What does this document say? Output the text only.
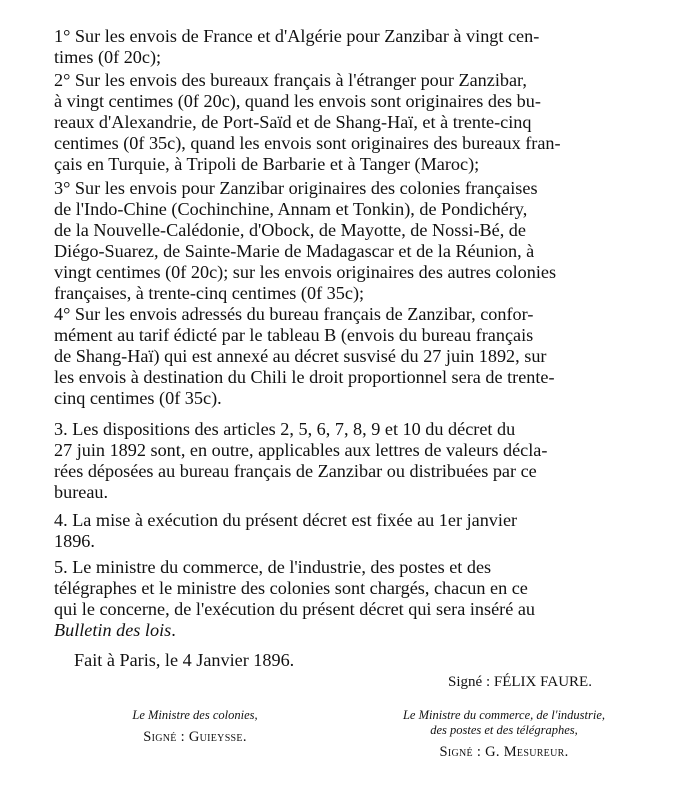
1° Sur les envois de France et d'Algérie pour Zanzibar à vingt cen-
times (0f 20c);
2° Sur les envois des bureaux français à l'étranger pour Zanzibar,
à vingt centimes (0f 20c), quand les envois sont originaires des bu-
reaux d'Alexandrie, de Port-Saïd et de Shang-Haï, et à trente-cinq
centimes (0f 35c), quand les envois sont originaires des bureaux fran-
çais en Turquie, à Tripoli de Barbarie et à Tanger (Maroc);
3° Sur les envois pour Zanzibar originaires des colonies françaises
de l'Indo-Chine (Cochinchine, Annam et Tonkin), de Pondichéry,
de la Nouvelle-Calédonie, d'Obock, de Mayotte, de Nossi-Bé, de
Diégo-Suarez, de Sainte-Marie de Madagascar et de la Réunion, à
vingt centimes (0f 20c); sur les envois originaires des autres colonies
françaises, à trente-cinq centimes (0f 35c);
4° Sur les envois adressés du bureau français de Zanzibar, confor-
mément au tarif édicté par le tableau B (envois du bureau français
de Shang-Haï) qui est annexé au décret susvisé du 27 juin 1892, sur
les envois à destination du Chili le droit proportionnel sera de trente-
cinq centimes (0f 35c).
3. Les dispositions des articles 2, 5, 6, 7, 8, 9 et 10 du décret du
27 juin 1892 sont, en outre, applicables aux lettres de valeurs décla-
rées déposées au bureau français de Zanzibar ou distribuées par ce
bureau.
4. La mise à exécution du présent décret est fixée au 1er janvier
1896.
5. Le ministre du commerce, de l'industrie, des postes et des
télégraphes et le ministre des colonies sont chargés, chacun en ce
qui le concerne, de l'exécution du présent décret qui sera inséré au
Bulletin des lois.
Fait à Paris, le 4 Janvier 1896.
Signé : FÉLIX FAURE.
Le Ministre des colonies,
Signé : Guieysse.
Le Ministre du commerce, de l'industrie,
des postes et des télégraphes,
Signé : G. Mesureur.
